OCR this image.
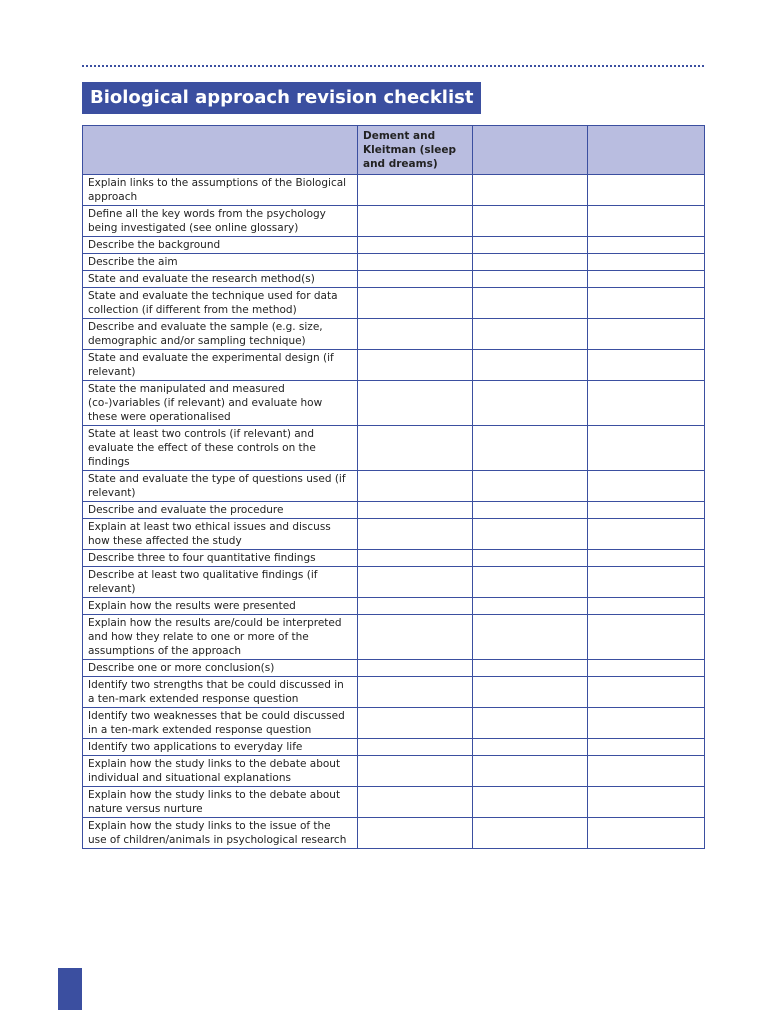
Biological approach revision checklist
	Dement and Kleitman (sleep and dreams)		
Explain links to the assumptions of the Biological approach			
Define all the key words from the psychology being investigated (see online glossary)			
Describe the background			
Describe the aim			
State and evaluate the research method(s)			
State and evaluate the technique used for data collection (if different from the method)			
Describe and evaluate the sample (e.g. size, demographic and/or sampling technique)			
State and evaluate the experimental design (if relevant)			
State the manipulated and measured (co-)variables (if relevant) and evaluate how these were operationalised			
State at least two controls (if relevant) and evaluate the effect of these controls on the findings			
State and evaluate the type of questions used (if relevant)			
Describe and evaluate the procedure			
Explain at least two ethical issues and discuss how these affected the study			
Describe three to four quantitative findings			
Describe at least two qualitative findings (if relevant)			
Explain how the results were presented			
Explain how the results are/could be interpreted and how they relate to one or more of the assumptions of the approach			
Describe one or more conclusion(s)			
Identify two strengths that be could discussed in a ten-mark extended response question			
Identify two weaknesses that be could discussed in a ten-mark extended response question			
Identify two applications to everyday life			
Explain how the study links to the debate about individual and situational explanations			
Explain how the study links to the debate about nature versus nurture			
Explain how the study links to the issue of the use of children/animals in psychological research			
